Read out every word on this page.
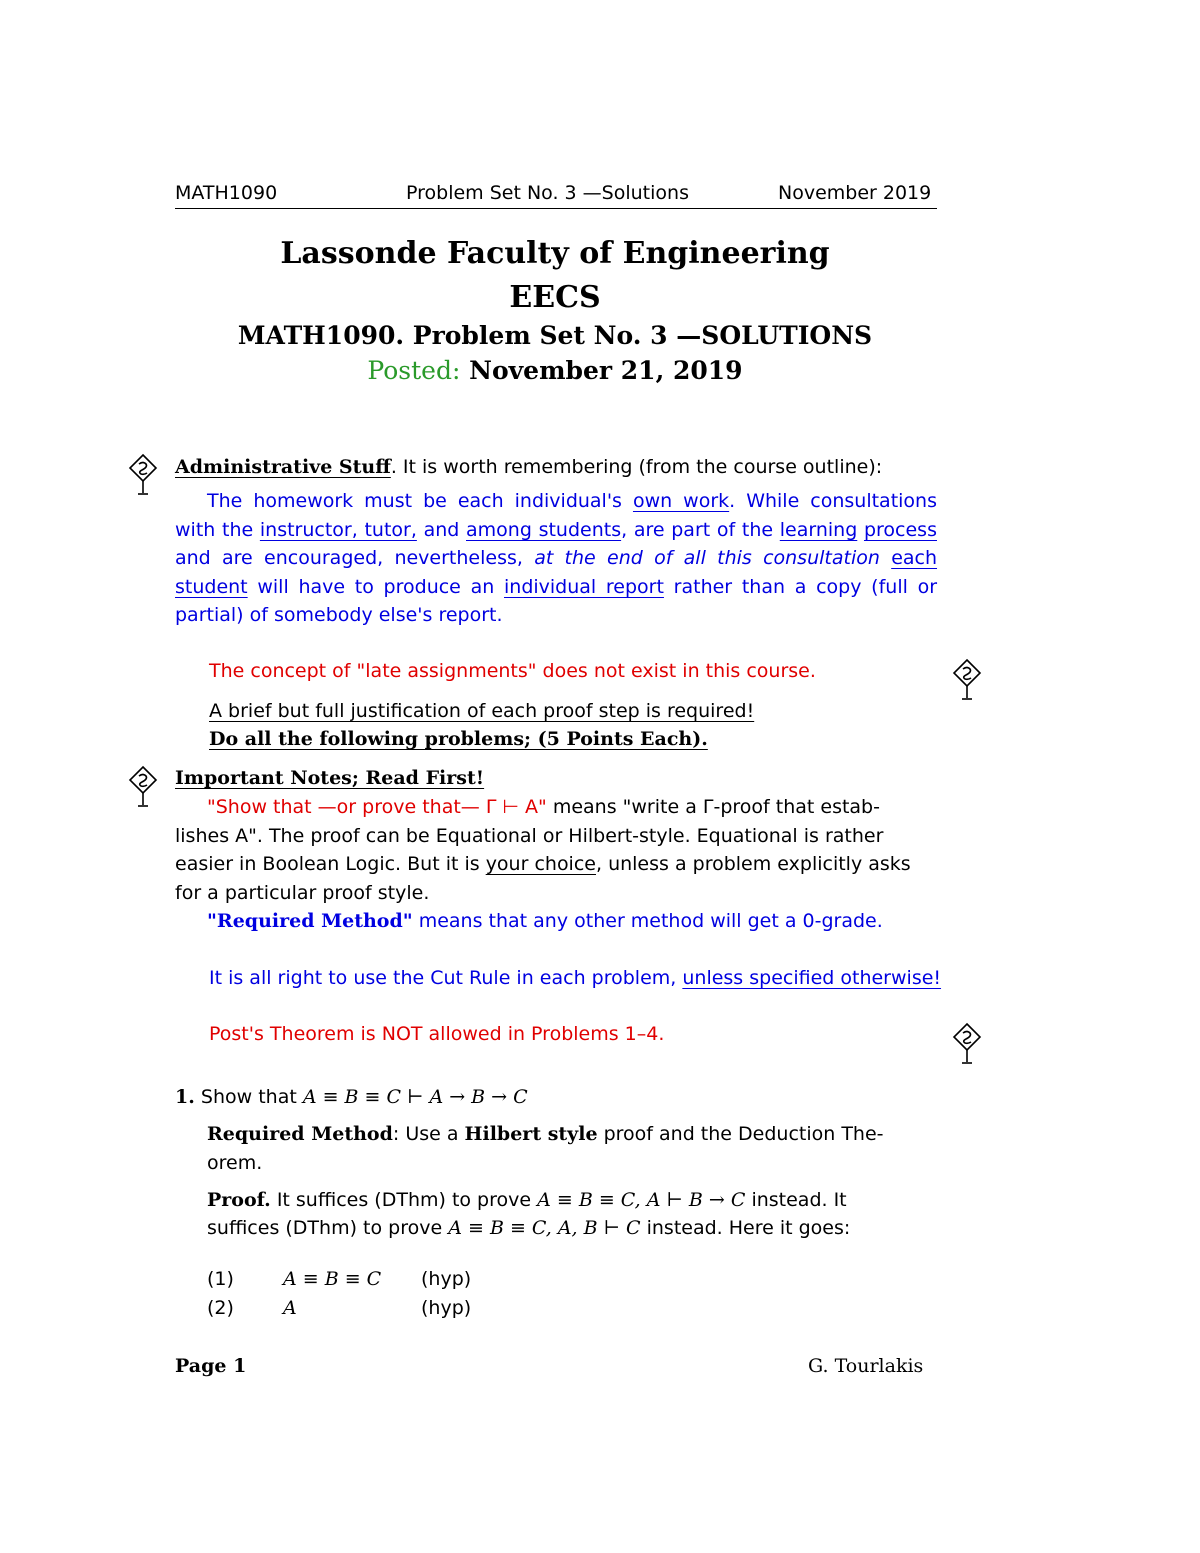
MATH1090	Problem Set No. 3 —Solutions	November 2019
Lassonde Faculty of Engineering
EECS
MATH1090. Problem Set No. 3 —SOLUTIONS
Posted: November 21, 2019
Administrative Stuff. It is worth remembering (from the course outline):
The homework must be each individual's own work. While consultations with the instructor, tutor, and among students, are part of the learning process and are encouraged, nevertheless, at the end of all this consultation each student will have to produce an individual report rather than a copy (full or partial) of somebody else's report.
The concept of "late assignments" does not exist in this course.
A brief but full justification of each proof step is required!
Do all the following problems; (5 Points Each).
Important Notes; Read First!
"Show that —or prove that— Γ ⊢ A" means "write a Γ-proof that estab-
lishes A". The proof can be Equational or Hilbert-style. Equational is rather
easier in Boolean Logic. But it is your choice, unless a problem explicitly asks
for a particular proof style.
"Required Method" means that any other method will get a 0-grade.
It is all right to use the Cut Rule in each problem, unless specified otherwise!
Post's Theorem is NOT allowed in Problems 1–4.
1. Show that A ≡ B ≡ C ⊢ A → B → C
Required Method: Use a Hilbert style proof and the Deduction The-
orem.
Proof. It suffices (DThm) to prove A ≡ B ≡ C, A ⊢ B → C instead. It
suffices (DThm) to prove A ≡ B ≡ C, A, B ⊢ C instead. Here it goes:
(1)	A ≡ B ≡ C (hyp)
(2)	A	(hyp)
Page 1	G. Tourlakis
